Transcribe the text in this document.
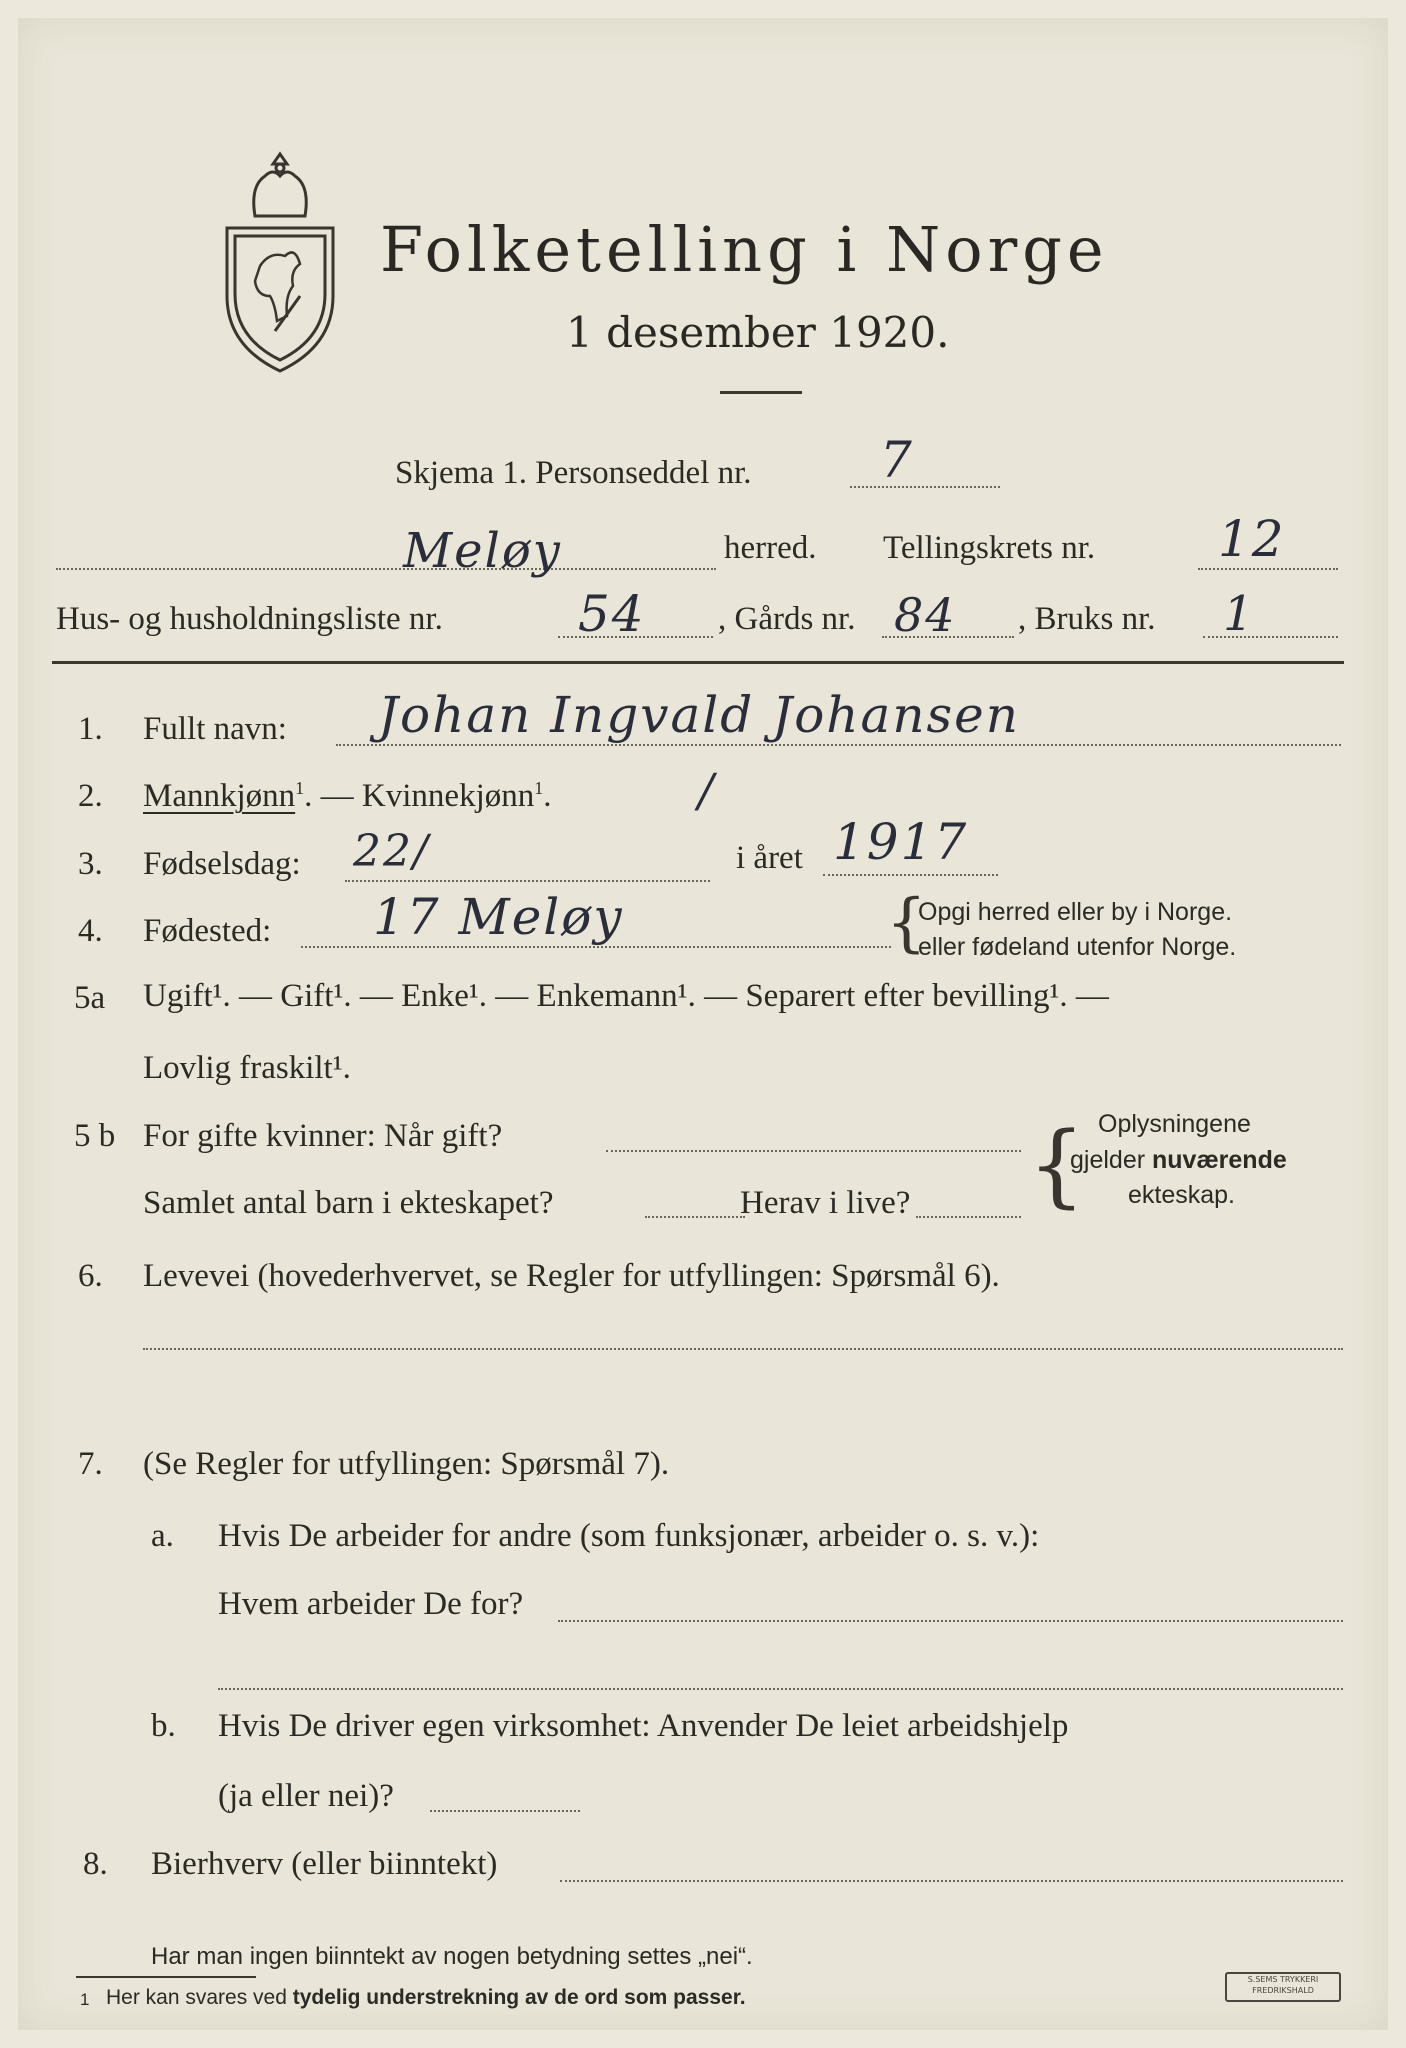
Folketelling i Norge
1 desember 1920.
Skjema 1. Personseddel nr.	7
Meløy	herred. Tellingskrets nr. 12
Hus- og husholdningsliste nr.	54 , Gårds nr. 84 , Bruks nr. 1
1. Fullt navn: Johan Ingvald Johansen
2. Mannkjønn$^1$. — Kvinnekjønn$^1$.	/
3. Fødselsdag: 22/	i året 1917
4. Fødested: 17 Meløy	{
Opgi herred eller by i Norge.
eller fødeland utenfor Norge.
5a Ugift¹. — Gift¹. — Enke¹. — Enkemann¹. — Separert efter bevilling¹. —
Lovlig fraskilt¹.
5 b For gifte kvinner: Når gift?
Samlet antal barn i ekteskapet?	Herav i live? { Oplysningene
gjelder nuværende
ekteskap.
6. Levevei (hovederhvervet, se Regler for utfyllingen: Spørsmål 6).
7. (Se Regler for utfyllingen: Spørsmål 7).
a. Hvis De arbeider for andre (som funksjonær, arbeider o. s. v.):
Hvem arbeider De for?
b. Hvis De driver egen virksomhet: Anvender De leiet arbeidshjelp
(ja eller nei)?
8. Bierhverv (eller biinntekt)
Har man ingen biinntekt av nogen betydning settes „nei“.
1 Her kan svares ved tydelig understrekning av de ord som passer.
S.SEMS TRYKKERI
FREDRIKSHALD
